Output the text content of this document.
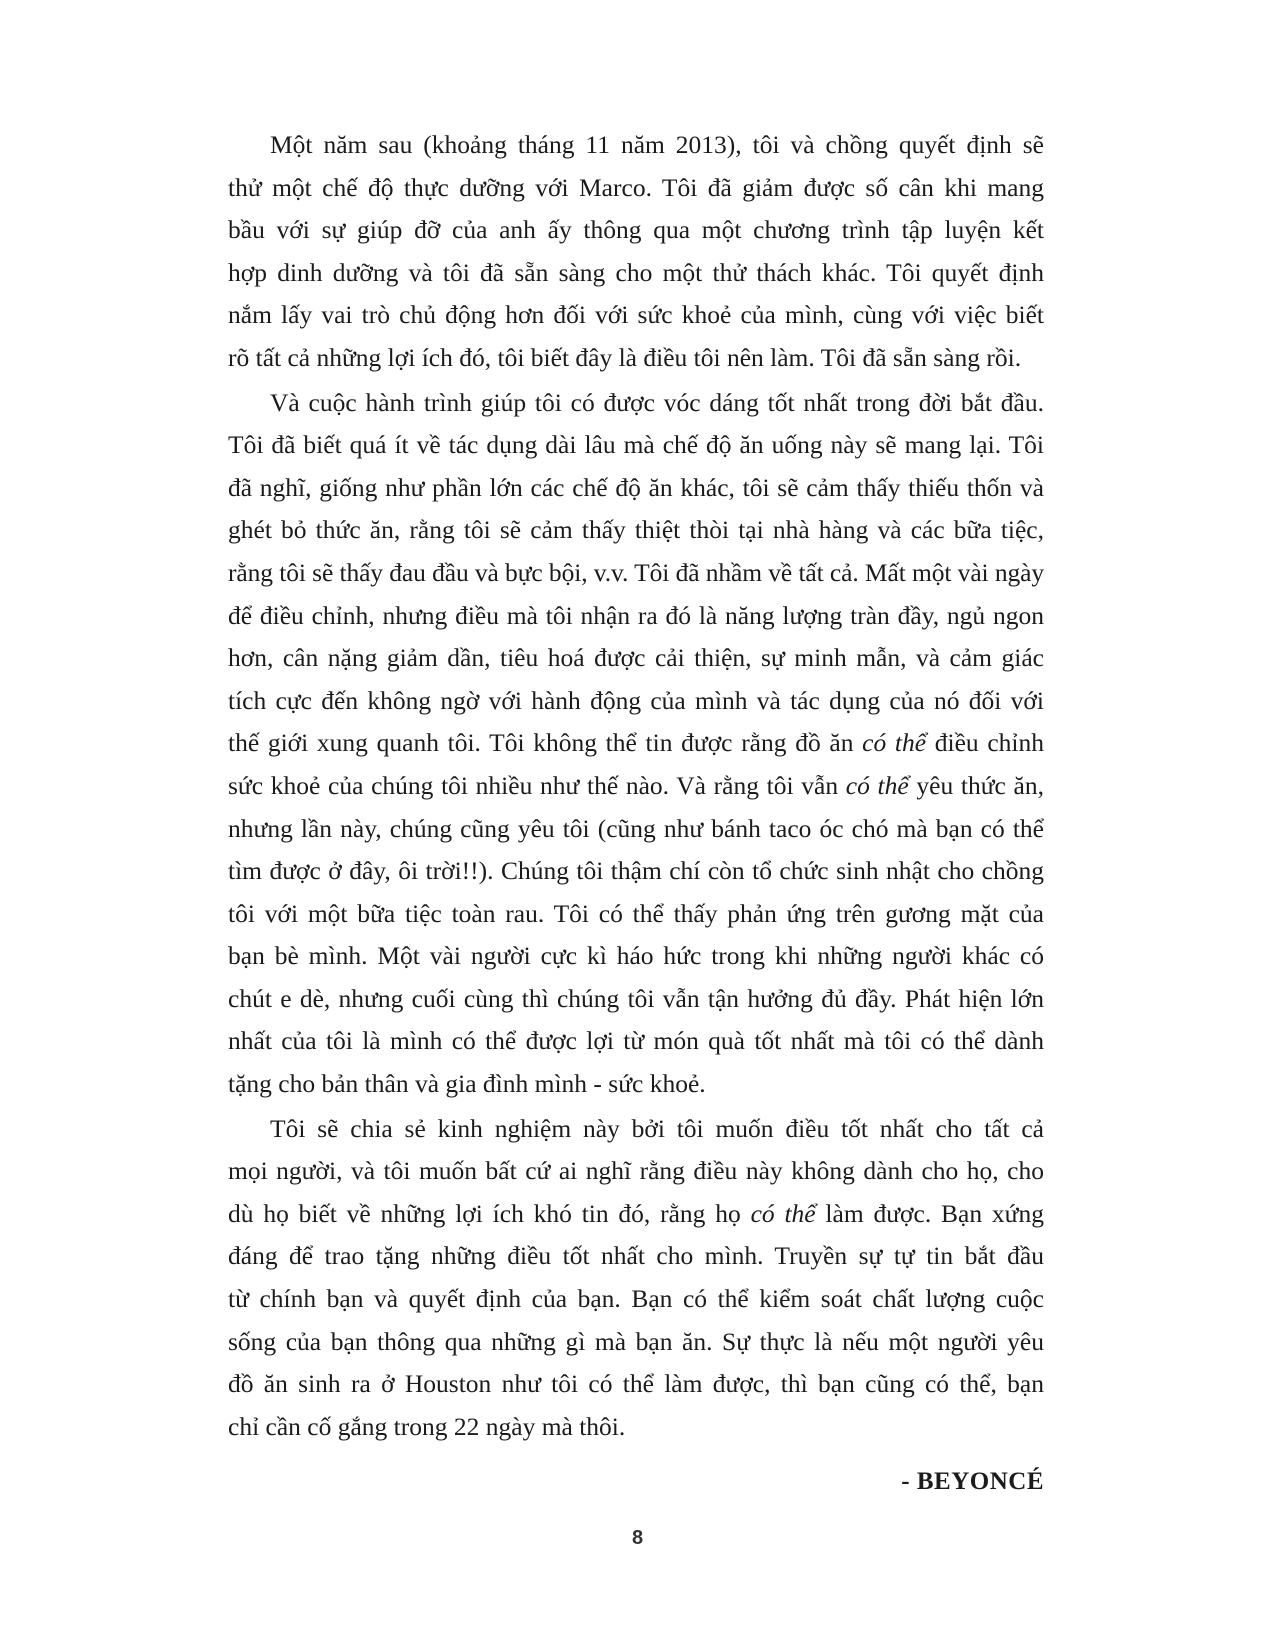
Một năm sau (khoảng tháng 11 năm 2013), tôi và chồng quyết định sẽ
thử một chế độ thực dưỡng với Marco. Tôi đã giảm được số cân khi mang
bầu với sự giúp đỡ của anh ấy thông qua một chương trình tập luyện kết
hợp dinh dưỡng và tôi đã sẵn sàng cho một thử thách khác. Tôi quyết định
nắm lấy vai trò chủ động hơn đối với sức khoẻ của mình, cùng với việc biết
rõ tất cả những lợi ích đó, tôi biết đây là điều tôi nên làm. Tôi đã sẵn sàng rồi.

Và cuộc hành trình giúp tôi có được vóc dáng tốt nhất trong đời bắt đầu.
Tôi đã biết quá ít về tác dụng dài lâu mà chế độ ăn uống này sẽ mang lại. Tôi
đã nghĩ, giống như phần lớn các chế độ ăn khác, tôi sẽ cảm thấy thiếu thốn và
ghét bỏ thức ăn, rằng tôi sẽ cảm thấy thiệt thòi tại nhà hàng và các bữa tiệc,
rằng tôi sẽ thấy đau đầu và bực bội, v.v. Tôi đã nhầm về tất cả. Mất một vài ngày
để điều chỉnh, nhưng điều mà tôi nhận ra đó là năng lượng tràn đầy, ngủ ngon
hơn, cân nặng giảm dần, tiêu hoá được cải thiện, sự minh mẫn, và cảm giác
tích cực đến không ngờ với hành động của mình và tác dụng của nó đối với
thế giới xung quanh tôi. Tôi không thể tin được rằng đồ ăn có thể điều chỉnh
sức khoẻ của chúng tôi nhiều như thế nào. Và rằng tôi vẫn có thể yêu thức ăn,
nhưng lần này, chúng cũng yêu tôi (cũng như bánh taco óc chó mà bạn có thể
tìm được ở đây, ôi trời!!). Chúng tôi thậm chí còn tổ chức sinh nhật cho chồng
tôi với một bữa tiệc toàn rau. Tôi có thể thấy phản ứng trên gương mặt của
bạn bè mình. Một vài người cực kì háo hức trong khi những người khác có
chút e dè, nhưng cuối cùng thì chúng tôi vẫn tận hưởng đủ đầy. Phát hiện lớn
nhất của tôi là mình có thể được lợi từ món quà tốt nhất mà tôi có thể dành
tặng cho bản thân và gia đình mình - sức khoẻ.

Tôi sẽ chia sẻ kinh nghiệm này bởi tôi muốn điều tốt nhất cho tất cả
mọi người, và tôi muốn bất cứ ai nghĩ rằng điều này không dành cho họ, cho
dù họ biết về những lợi ích khó tin đó, rằng họ có thể làm được. Bạn xứng
đáng để trao tặng những điều tốt nhất cho mình. Truyền sự tự tin bắt đầu
từ chính bạn và quyết định của bạn. Bạn có thể kiểm soát chất lượng cuộc
sống của bạn thông qua những gì mà bạn ăn. Sự thực là nếu một người yêu
đồ ăn sinh ra ở Houston như tôi có thể làm được, thì bạn cũng có thể, bạn
chỉ cần cố gắng trong 22 ngày mà thôi.

- BEYONCÉ
8
